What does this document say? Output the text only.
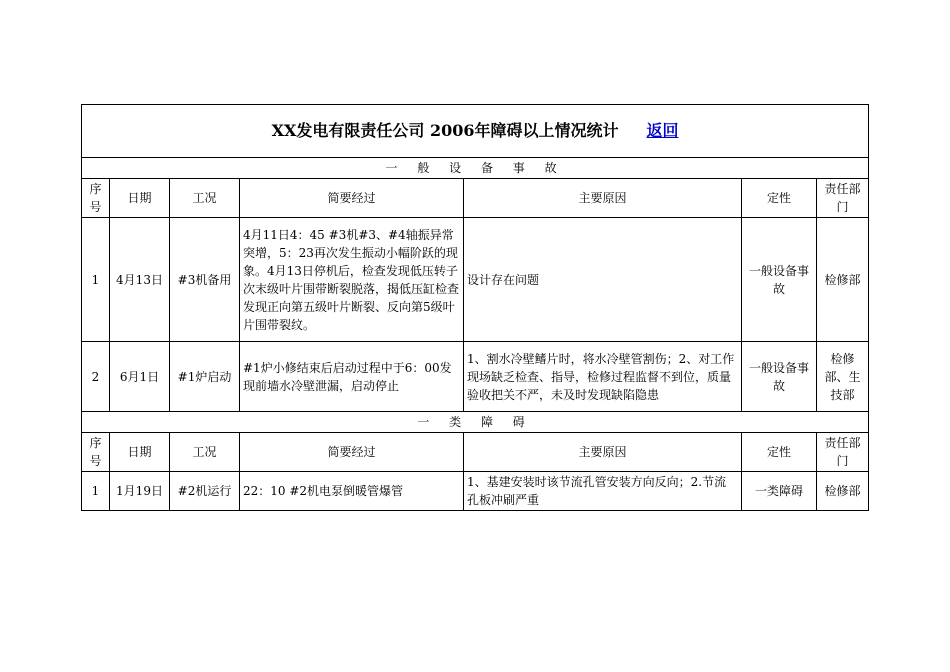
XX发电有限责任公司 2006年障碍以上情况统计 返回						
一 般 设 备 事 故						
序号	日期	工况	简要经过	主要原因	定性	责任部门
1	4月13日	#3机备用	4月11日4：45 #3机#3、#4轴振异常突增，5：23再次发生振动小幅阶跃的现象。4月13日停机后，检查发现低压转子次末级叶片围带断裂脱落，揭低压缸检查发现正向第五级叶片断裂、反向第5级叶片围带裂纹。	设计存在问题	一般设备事故	检修部
2	6月1日	#1炉启动	#1炉小修结束后启动过程中于6：00发现前墙水冷壁泄漏，启动停止	1、割水冷壁鳍片时，将水冷壁管割伤；2、对工作现场缺乏检查、指导，检修过程监督不到位，质量验收把关不严，未及时发现缺陷隐患	一般设备事故	检修部、生技部
一 类 障 碍						
序号	日期	工况	简要经过	主要原因	定性	责任部门
1	1月19日	#2机运行	22：10 #2机电泵倒暖管爆管	1、基建安装时该节流孔管安装方向反向；2.节流孔板冲刷严重	一类障碍	检修部
